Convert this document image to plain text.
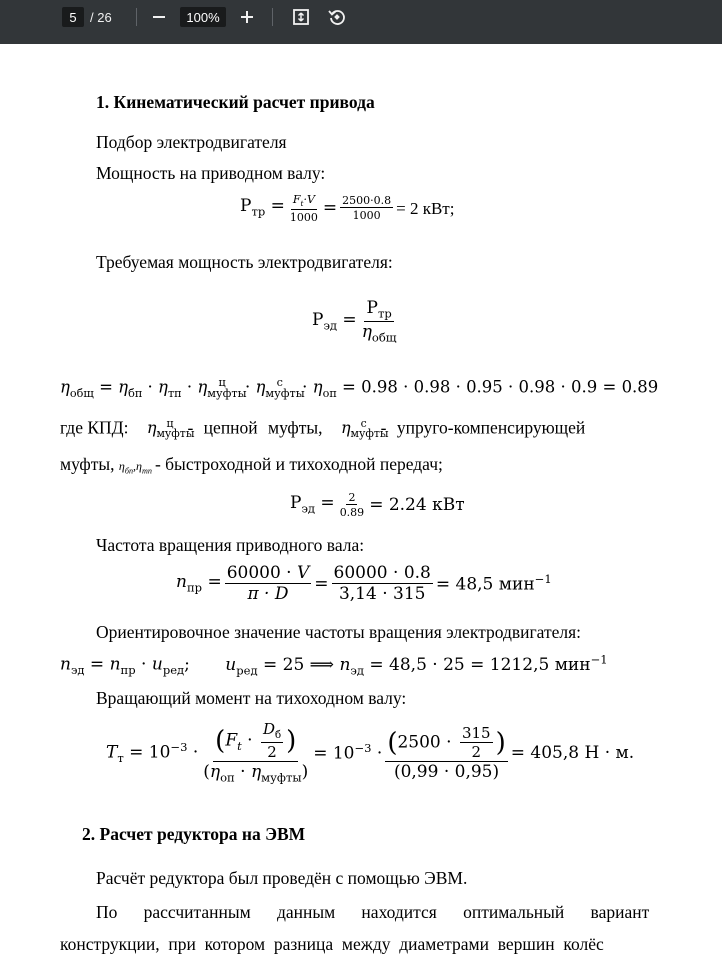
5	/ 26	100%
1. Кинематический расчет привода
Подбор электродвигателя
Мощность на приводном валу:
$Р_{тр} = \frac{F_t\cdot V}{1000} = \frac{2500\cdot 0.8}{1000} = 2$ кВт;
Требуемая мощность электродвигателя:
$Р_{эд} = \frac{Р_{тр}}{\eta_{общ}}$
$\eta_{общ} = \eta_{бп} \cdot \eta_{тп} \cdot \eta_{муфты}^ц \cdot \eta_{муфты}^с \cdot \eta_{оп} = 0.98 \cdot 0.98 \cdot 0.95 \cdot 0.98 \cdot 0.9 = 0.89$
где КПД: $\eta_{муфты}^ц$ - цепной муфты, $\eta_{муфты}^с$ - упруго-компенсирующей
муфты, $\eta_{бп},\eta_{тп}$ - быстроходной и тихоходной передач;
$Р_{эд} = \frac{2}{0.89} = 2.24$ кВт
Частота вращения приводного вала:
$n_{пр} = \frac{60000 \cdot V}{\pi \cdot D} = \frac{60000 \cdot 0.8}{3,14 \cdot 315} = 48,5$ мин$^{-1}$
Ориентировочное значение частоты вращения электродвигателя:
$n_{эд} = n_{пр} \cdot u_{ред}$; $u_{ред} = 25$ ⟹ $n_{эд} = 48,5 \cdot 25 = 1212,5$ мин$^{-1}$
Вращающий момент на тихоходном валу:
$T_т = 10^{-3} \cdot \frac{(F_t \cdot \frac{D_б}{2} )}{(\eta_{оп} \cdot \eta_{муфты})} = 10^{-3} \cdot \frac{(2500 \cdot \frac{315}{2} )}{(0,99 \cdot 0,95)} = 405,8$ Н · м.
2. Расчет редуктора на ЭВМ
Расчёт редуктора был проведён с помощью ЭВМ.
По      рассчитанным      данным      находится      оптимальный      вариант
конструкции,  при  котором  разница  между  диаметрами  вершин  колёс
